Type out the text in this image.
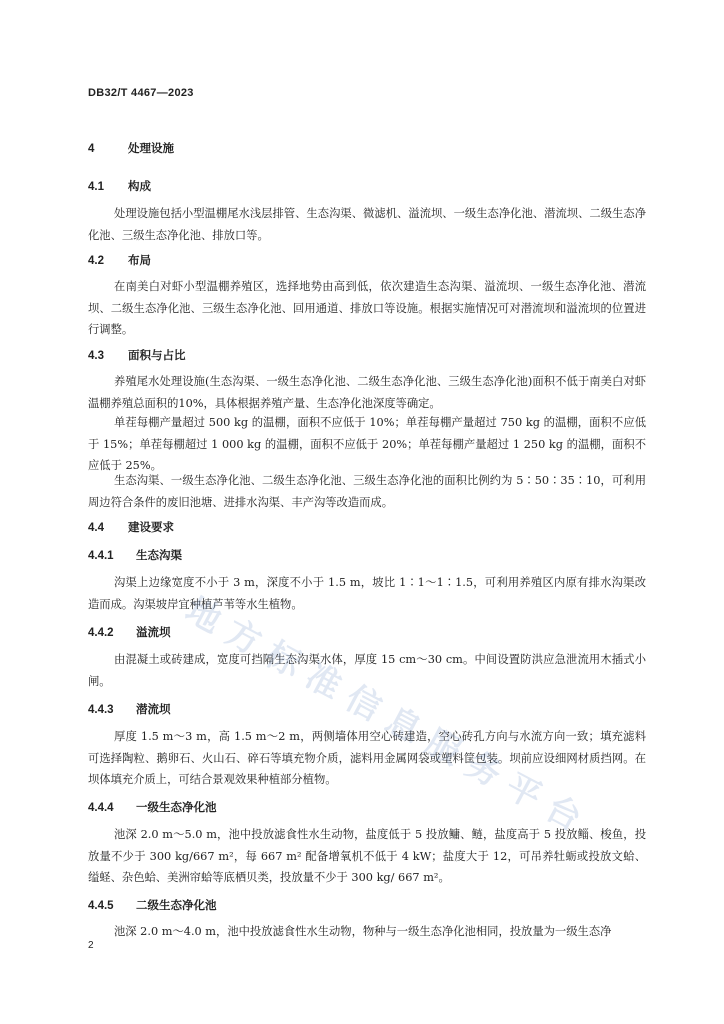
DB32/T 4467—2023
4	处理设施
4.1 构成

处理设施包括小型温棚尾水浅层排管、生态沟渠、微滤机、溢流坝、一级生态净化池、潜流坝、二级生态净化池、三级生态净化池、排放口等。

4.2 布局

在南美白对虾小型温棚养殖区，选择地势由高到低，依次建造生态沟渠、溢流坝、一级生态净化池、潜流坝、二级生态净化池、三级生态净化池、回用通道、排放口等设施。根据实施情况可对潜流坝和溢流坝的位置进行调整。

4.3 面积与占比

养殖尾水处理设施(生态沟渠、一级生态净化池、二级生态净化池、三级生态净化池)面积不低于南美白对虾温棚养殖总面积的10%，具体根据养殖产量、生态净化池深度等确定。

单茬每棚产量超过 500 kg 的温棚，面积不应低于 10%；单茬每棚产量超过 750 kg 的温棚，面积不应低于 15%；单茬每棚超过 1 000 kg 的温棚，面积不应低于 20%；单茬每棚产量超过 1 250 kg 的温棚，面积不应低于 25%。

生态沟渠、一级生态净化池、二级生态净化池、三级生态净化池的面积比例约为 5∶50∶35∶10，可利用周边符合条件的废旧池塘、进排水沟渠、丰产沟等改造而成。

4.4 建设要求
4.4.1 生态沟渠

沟渠上边缘宽度不小于 3 m，深度不小于 1.5 m，坡比 1∶1～1∶1.5，可利用养殖区内原有排水沟渠改造而成。沟渠坡岸宜种植芦苇等水生植物。

4.4.2 溢流坝

由混凝土或砖建成，宽度可挡隔生态沟渠水体，厚度 15 cm～30 cm。中间设置防洪应急泄流用木插式小闸。

4.4.3 潜流坝

厚度 1.5 m～3 m，高 1.5 m～2 m，两侧墙体用空心砖建造，空心砖孔方向与水流方向一致；填充滤料可选择陶粒、鹅卵石、火山石、碎石等填充物介质，滤料用金属网袋或塑料筐包装。坝前应设细网材质挡网。在坝体填充介质上，可结合景观效果种植部分植物。

4.4.4 一级生态净化池

池深 2.0 m～5.0 m，池中投放滤食性水生动物，盐度低于 5 投放鳙、鲢，盐度高于 5 投放鲻、梭鱼，投放量不少于 300 kg/667 m²，每 667 m² 配备增氧机不低于 4 kW；盐度大于 12，可吊养牡蛎或投放文蛤、缢蛏、杂色蛤、美洲帘蛤等底栖贝类，投放量不少于 300 kg/ 667 m²。

4.4.5 二级生态净化池

池深 2.0 m～4.0 m，池中投放滤食性水生动物，物种与一级生态净化池相同，投放量为一级生态净

地
方
标
准
信
息
服
务
平
台
2
